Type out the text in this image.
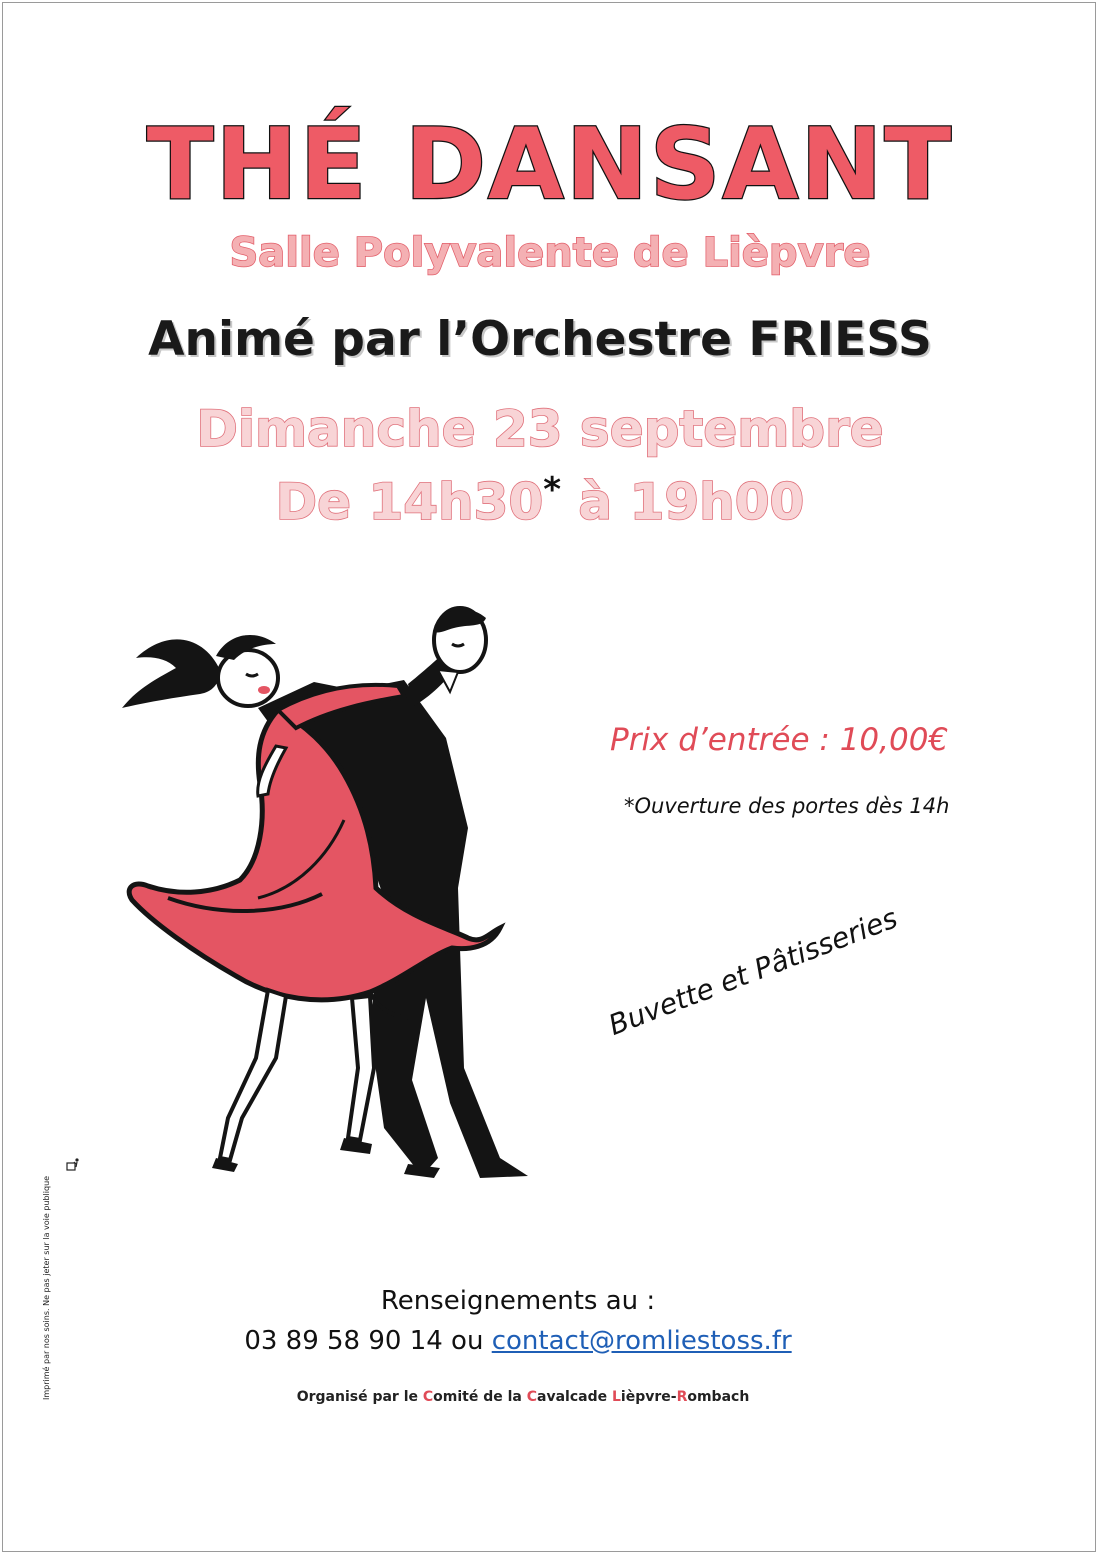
THÉ DANSANT
Salle Polyvalente de Lièpvre
Animé par l’Orchestre FRIESS
Dimanche 23 septembre
De 14h30* à 19h00
Prix d’entrée : 10,00€
*Ouverture des portes dès 14h
Buvette et Pâtisseries
Renseignements au :
03 89 58 90 14 ou contact@romliestoss.fr
Organisé par le Comité de la Cavalcade Lièpvre-Rombach
Imprimé par nos soins. Ne pas jeter sur la voie publique
